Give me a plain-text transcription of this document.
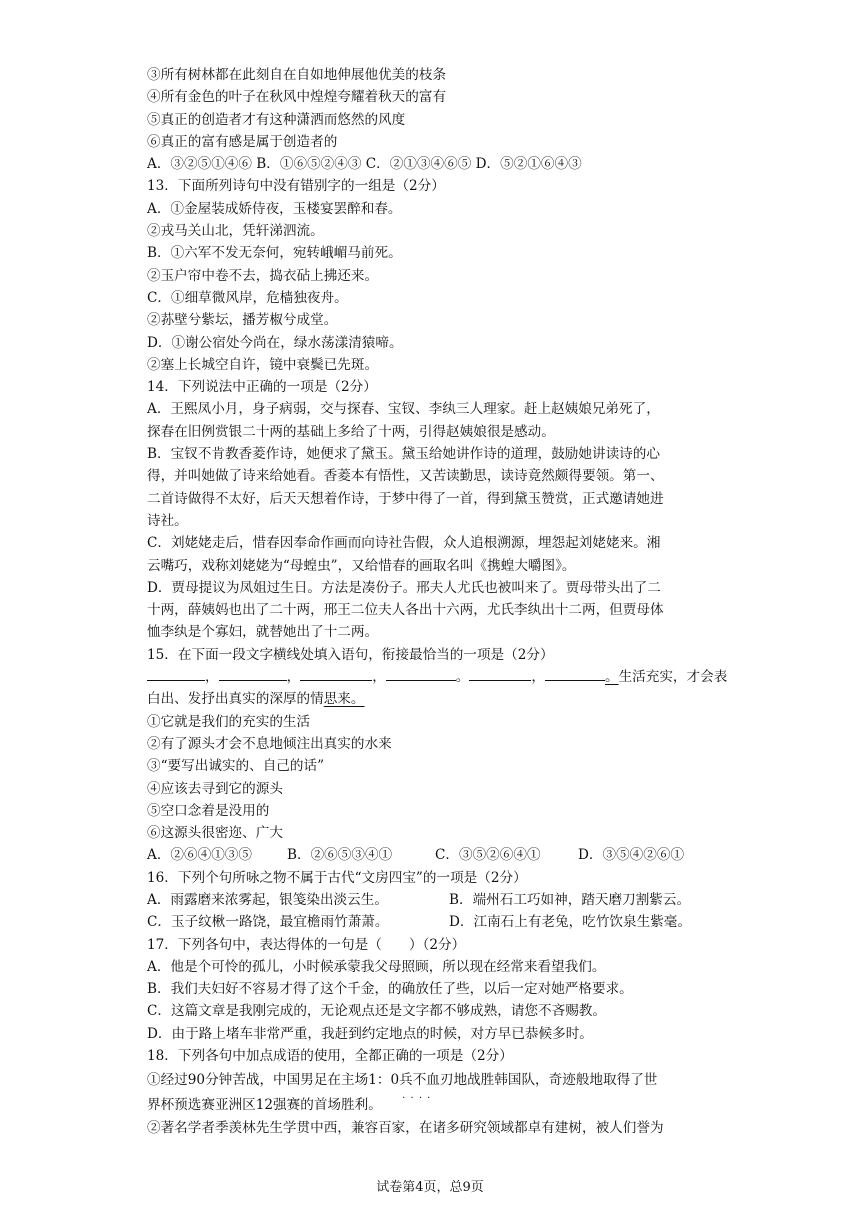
③所有树林都在此刻自在自如地伸展他优美的枝条
④所有金色的叶子在秋风中煌煌夸耀着秋天的富有
⑤真正的创造者才有这种潇洒而悠然的风度
⑥真正的富有感是属于创造者的
A．③②⑤①④⑥ B．①⑥⑤②④③ C．②①③④⑥⑤ D．⑤②①⑥④③
13．下面所列诗句中没有错别字的一组是（2分）
A．①金屋装成娇侍夜，玉楼宴罢醉和春。
②戎马关山北，凭轩涕泗流。
B．①六军不发无奈何，宛转峨嵋马前死。
②玉户帘中卷不去，捣衣砧上拂还来。
C．①细草微风岸，危樯独夜舟。
②荪壁兮紫坛，播芳椒兮成堂。
D．①谢公宿处今尚在，绿水荡漾清猿啼。
②塞上长城空自许，镜中衰鬓已先斑。
14．下列说法中正确的一项是（2分）
A．王熙凤小月，身子病弱，交与探春、宝钗、李纨三人理家。赶上赵姨娘兄弟死了，
探春在旧例赏银二十两的基础上多给了十两，引得赵姨娘很是感动。
B．宝钗不肯教香菱作诗，她便求了黛玉。黛玉给她讲作诗的道理，鼓励她讲读诗的心
得，并叫她做了诗来给她看。香菱本有悟性，又苦读勤思，读诗竟然颇得要领。第一、
二首诗做得不太好，后天天想着作诗，于梦中得了一首，得到黛玉赞赏，正式邀请她进
诗社。
C．刘姥姥走后，惜春因奉命作画而向诗社告假，众人追根溯源，埋怨起刘姥姥来。湘
云嘴巧，戏称刘姥姥为“母蝗虫”，又给惜春的画取名叫《携蝗大嚼图》。
D．贾母提议为凤姐过生日。方法是凑份子。邢夫人尤氏也被叫来了。贾母带头出了二
十两，薛姨妈也出了二十两，邢王二位夫人各出十六两，尤氏李纨出十二两，但贾母体
恤李纨是个寡妇，就替她出了十二两。
15．在下面一段文字横线处填入语句，衔接最恰当的一项是（2分）
，	，	，	。	，	。生活充实，才会表
白出、发抒出真实的深厚的情思来。
①它就是我们的充实的生活
②有了源头才会不息地倾注出真实的水来
③“要写出诚实的、自己的话”
④应该去寻到它的源头
⑤空口念着是没用的
⑥这源头很密迩、广大
A．②⑥④①③⑤	B．②⑥⑤③④①	C．③⑤②⑥④①	D．③⑤④②⑥①
16．下列个句所咏之物不属于古代“文房四宝”的一项是（2分）
A．雨露磨来浓雾起，银笺染出淡云生。	B．端州石工巧如神，踏天磨刀割紫云。
C．玉子纹楸一路饶，最宜檐雨竹萧萧。	D．江南石上有老兔，吃竹饮泉生紫毫。
17．下列各句中，表达得体的一句是（　　）（2分）
A．他是个可怜的孤儿，小时候承蒙我父母照顾，所以现在经常来看望我们。
B．我们夫妇好不容易才得了这个千金，的确放任了些，以后一定对她严格要求。
C．这篇文章是我刚完成的，无论观点还是文字都不够成熟，请您不吝赐教。
D．由于路上堵车非常严重，我赶到约定地点的时候，对方早已恭候多时。
18．下列各句中加点成语的使用，全都正确的一项是（2分）
①经过90分钟苦战，中国男足在主场1：0兵不血刃 · · · ·地战胜韩国队，奇迹般地取得了世
界杯预选赛亚洲区12强赛的首场胜利。
②著名学者季羡林先生学贯中西，兼容百家，在诸多研究领域都卓有建树，被人们誉为
试卷第4页，总9页
